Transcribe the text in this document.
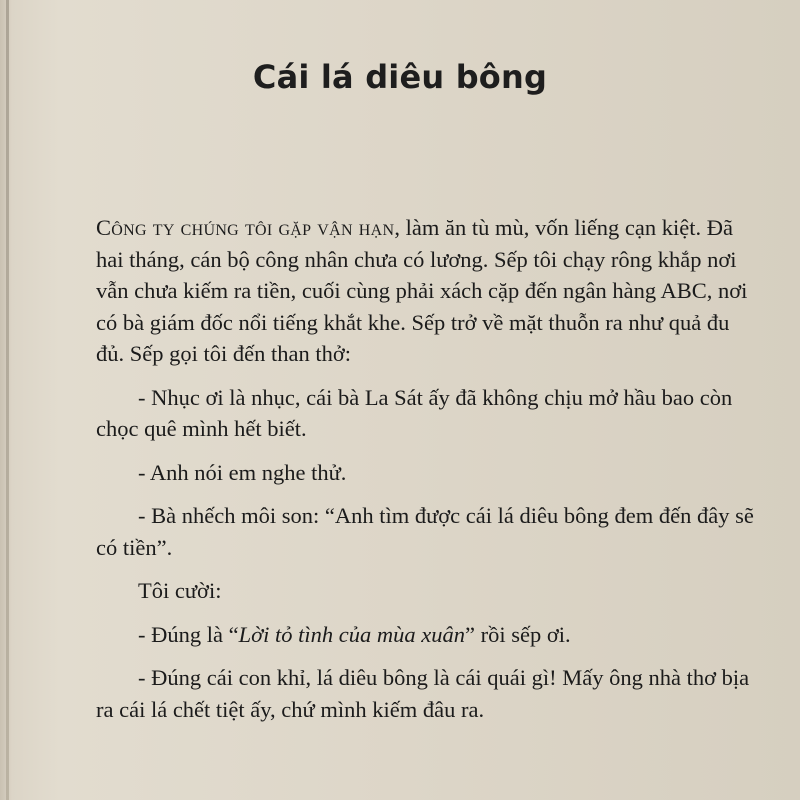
Cái lá diêu bông

Công ty chúng tôi gặp vận hạn, làm ăn tù mù, vốn liếng cạn kiệt. Đã hai tháng, cán bộ công nhân chưa có lương. Sếp tôi chạy rông khắp nơi vẫn chưa kiếm ra tiền, cuối cùng phải xách cặp đến ngân hàng ABC, nơi có bà giám đốc nổi tiếng khắt khe. Sếp trở về mặt thuỗn ra như quả đu đủ. Sếp gọi tôi đến than thở:

- Nhục ơi là nhục, cái bà La Sát ấy đã không chịu mở hầu bao còn chọc quê mình hết biết.

- Anh nói em nghe thử.

- Bà nhếch môi son: “Anh tìm được cái lá diêu bông đem đến đây sẽ có tiền”.

Tôi cười:

- Đúng là “Lời tỏ tình của mùa xuân” rồi sếp ơi.

- Đúng cái con khỉ, lá diêu bông là cái quái gì! Mấy ông nhà thơ bịa ra cái lá chết tiệt ấy, chứ mình kiếm đâu ra.
